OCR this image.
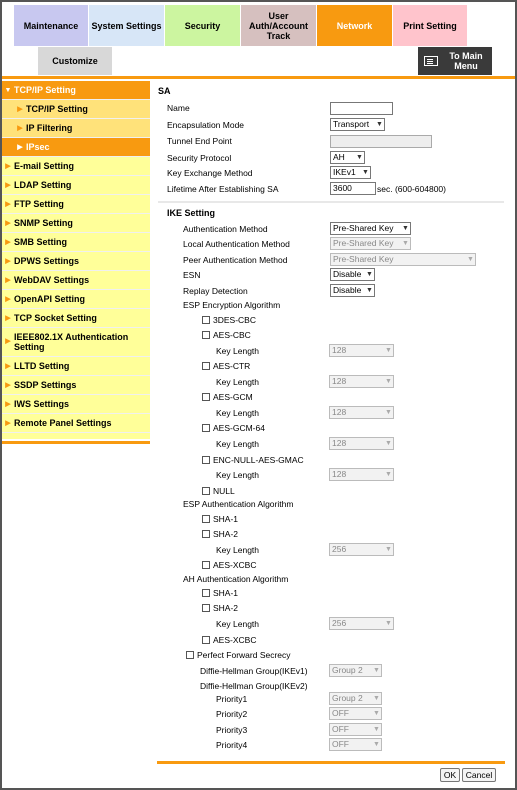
Maintenance	System Settings	Security
User Auth/Account Track
Network	Print Setting
Customize	To Main Menu
▼ TCP/IP Setting
▶ TCP/IP Setting
▶ IP Filtering
▶ IPsec
▶ E-mail Setting
▶ LDAP Setting
▶ FTP Setting
▶ SNMP Setting
▶ SMB Setting
▶ DPWS Settings
▶ WebDAV Settings
▶ OpenAPI Setting
▶ TCP Socket Setting
▶ IEEE802.1X Authentication Setting
▶ LLTD Setting
▶ SSDP Settings
▶ IWS Settings
▶ Remote Panel Settings
SA
Name
Encapsulation Mode	Transport ▼
Tunnel End Point
Security Protocol	AH	▼
Key Exchange Method	IKEv1 ▼
Lifetime After Establishing SA	3600	sec. (600-604800)
IKE Setting
Authentication Method	Pre-Shared Key	▼
Local Authentication Method	Pre-Shared Key	▼
Peer Authentication Method	Pre-Shared Key	▼
ESN	Disable ▼
Replay Detection	Disable ▼
ESP Encryption Algorithm
3DES-CBC
AES-CBC
Key Length	128	▼
AES-CTR
Key Length	128	▼
AES-GCM
Key Length	128	▼
AES-GCM-64
Key Length	128	▼
ENC-NULL-AES-GMAC
Key Length	128	▼
NULL
ESP Authentication Algorithm
SHA-1
SHA-2
Key Length	256	▼
AES-XCBC
AH Authentication Algorithm
SHA-1
SHA-2
Key Length	256	▼
AES-XCBC
Perfect Forward Secrecy
Diffie-Hellman Group(IKEv1)	Group 2	▼
Diffie-Hellman Group(IKEv2)
Priority1	Group 2	▼
Priority2	OFF	▼
Priority3	OFF	▼
Priority4	OFF	▼
OK	Cancel
